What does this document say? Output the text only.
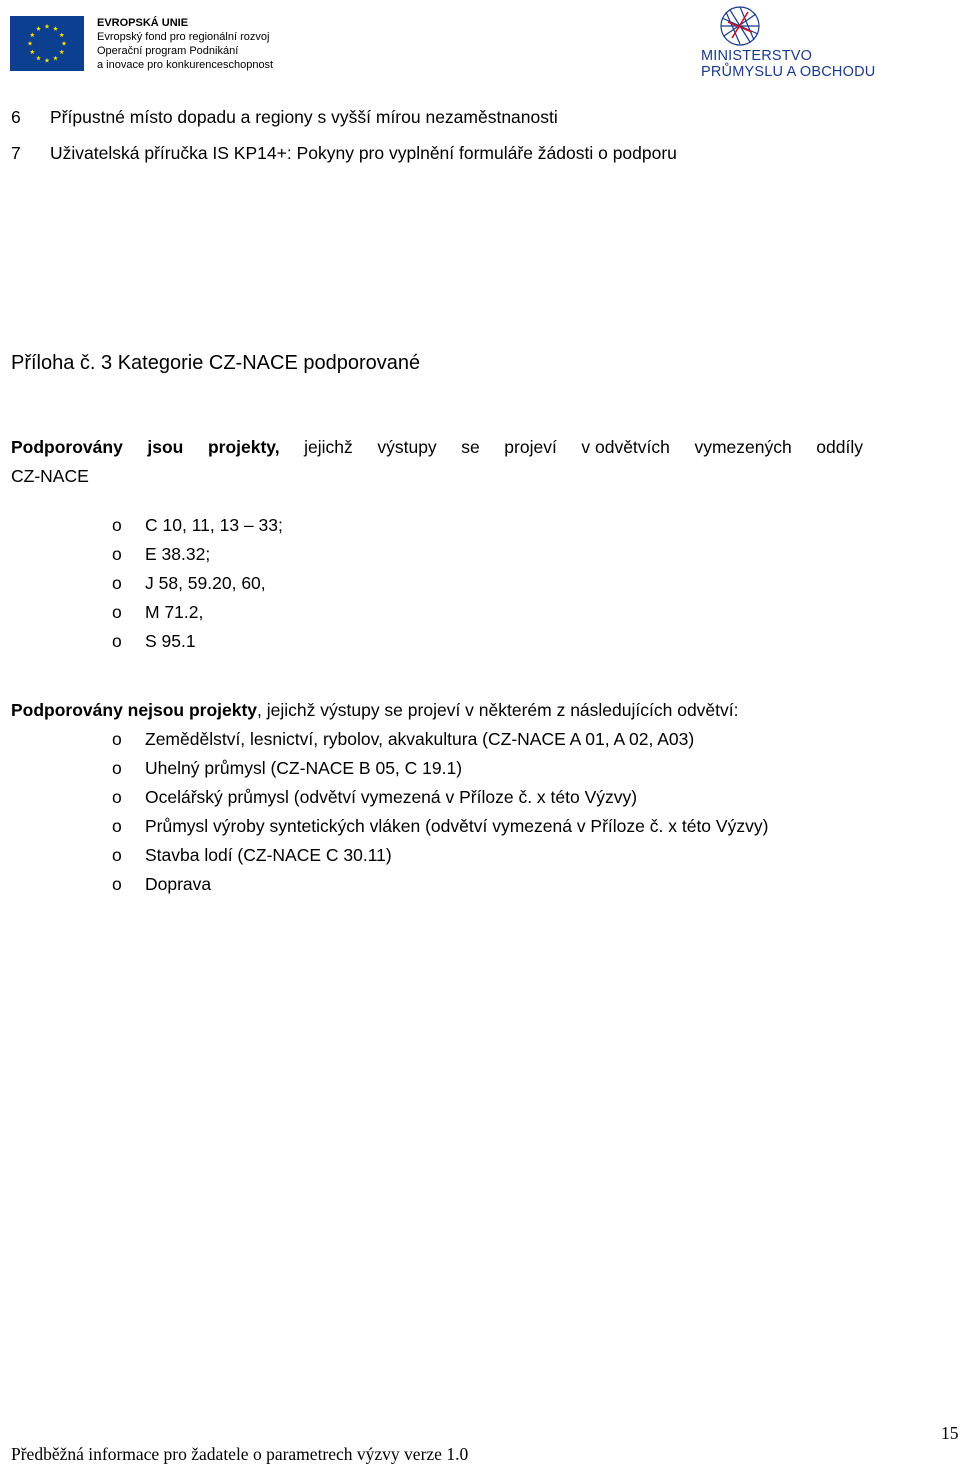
EVROPSKÁ UNIE
Evropský fond pro regionální rozvoj
Operační program Podnikání
a inovace pro konkurenceschopnost
MINISTERSTVO
PRŮMYSLU A OBCHODU
6 Přípustné místo dopadu a regiony s vyšší mírou nezaměstnanosti
7 Uživatelská příručka IS KP14+: Pokyny pro vyplnění formuláře žádosti o podporu
Příloha č. 3 Kategorie CZ-NACE podporované
Podporovány jsou projekty, jejichž výstupy se projeví v odvětvích vymezených oddíly
CZ-NACE
o C 10, 11, 13 – 33;
o E 38.32;
o J 58, 59.20, 60,
o M 71.2,
o S 95.1
Podporovány nejsou projekty, jejichž výstupy se projeví v některém z následujících odvětví:
o Zemědělství, lesnictví, rybolov, akvakultura (CZ-NACE A 01, A 02, A03)
o Uhelný průmysl (CZ-NACE B 05, C 19.1)
o Ocelářský průmysl (odvětví vymezená v Příloze č. x této Výzvy)
o Průmysl výroby syntetických vláken (odvětví vymezená v Příloze č. x této Výzvy)
o Stavba lodí (CZ-NACE C 30.11)
o Doprava
15
Předběžná informace pro žadatele o parametrech výzvy verze 1.0
